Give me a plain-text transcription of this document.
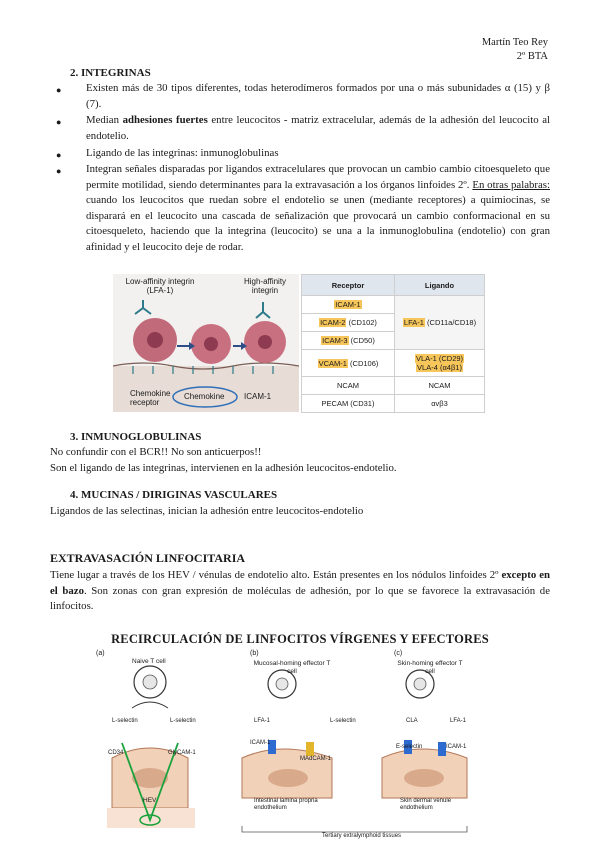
Martín Teo Rey
2º BTA
2. INTEGRINAS
● Existen más de 30 tipos diferentes, todas heterodímeros formados por una o más subunidades α (15) y β (7).
● Median adhesiones fuertes entre leucocitos - matriz extracelular, además de la adhesión del leucocito al endotelio.
● Ligando de las integrinas: inmunoglobulinas
● Integran señales disparadas por ligandos extracelulares que provocan un cambio cambio citoesqueleto que permite motilidad, siendo determinantes para la extravasación a los órganos linfoides 2º. En otras palabras: cuando los leucocitos que ruedan sobre el endotelio se unen (mediante receptores) a quimiocinas, se disparará en el leucocito una cascada de señalización que provocará un cambio conformacional en su citoesqueleto, haciendo que la integrina (leucocito) se una a la inmunoglobulina (endotelio) con gran afinidad y el leucocito deje de rodar.
Low-affinity integrin (LFA-1)
High-affinity integrin
Chemokine receptor
Chemokine ICAM-1
Receptor	Ligando
ICAM-1	LFA-1 (CD11a/CD18)
ICAM-2 (CD102)	
ICAM-3 (CD50)	
VCAM-1 (CD106)	VLA-1 (CD29)
VLA-4 (α4β1)
NCAM	NCAM
PECAM (CD31)	αvβ3
3. INMUNOGLOBULINAS
No confundir con el BCR!! No son anticuerpos!!
Son el ligando de las integrinas, intervienen en la adhesión leucocitos-endotelio.
4. MUCINAS / DIRIGINAS VASCULARES
Ligandos de las selectinas, inician la adhesión entre leucocitos-endotelio
EXTRAVASACIÓN LINFOCITARIA
Tiene lugar a través de los HEV / vénulas de endotelio alto. Están presentes en los nódulos linfoides 2º excepto en el bazo. Son zonas con gran expresión de moléculas de adhesión, por lo que se favorece la extravasación de linfocitos.
RECIRCULACIÓN DE LINFOCITOS VÍRGENES Y EFECTORES
(a)	(b)	(c)
Naive T cell	Mucosal-homing effector T cell
Skin-homing effector T cell
L-selectin	L-selectin
CD34	GlyCAM-1
HEV
LFA-1
ICAM-1
L-selectin
MAdCAM-1
Intestinal lamina propria endothelium
CLA	LFA-1
E-selectin	ICAM-1
Skin dermal venule endothelium
Tertiary extralymphoid tissues
